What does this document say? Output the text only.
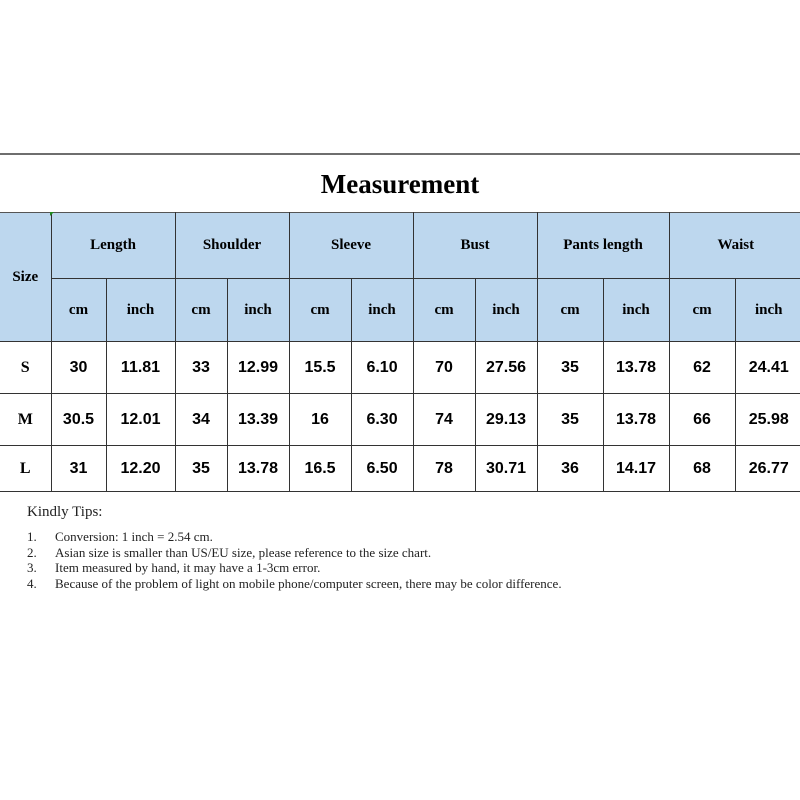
Measurement
Size	Length		Shoulder		Sleeve		Bust		Pants length		Waist	
	cm	inch	cm	inch	cm	inch	cm	inch	cm	inch	cm	inch
S	30	11.81	33	12.99	15.5	6.10	70	27.56	35	13.78	62	24.41
M	30.5	12.01	34	13.39	16	6.30	74	29.13	35	13.78	66	25.98
L	31	12.20	35	13.78	16.5	6.50	78	30.71	36	14.17	68	26.77

Kindly Tips:

1. Conversion: 1 inch = 2.54 cm.
2. Asian size is smaller than US/EU size, please reference to the size chart.
3. Item measured by hand, it may have a 1-3cm error.
4. Because of the problem of light on mobile phone/computer screen, there may be color difference.
